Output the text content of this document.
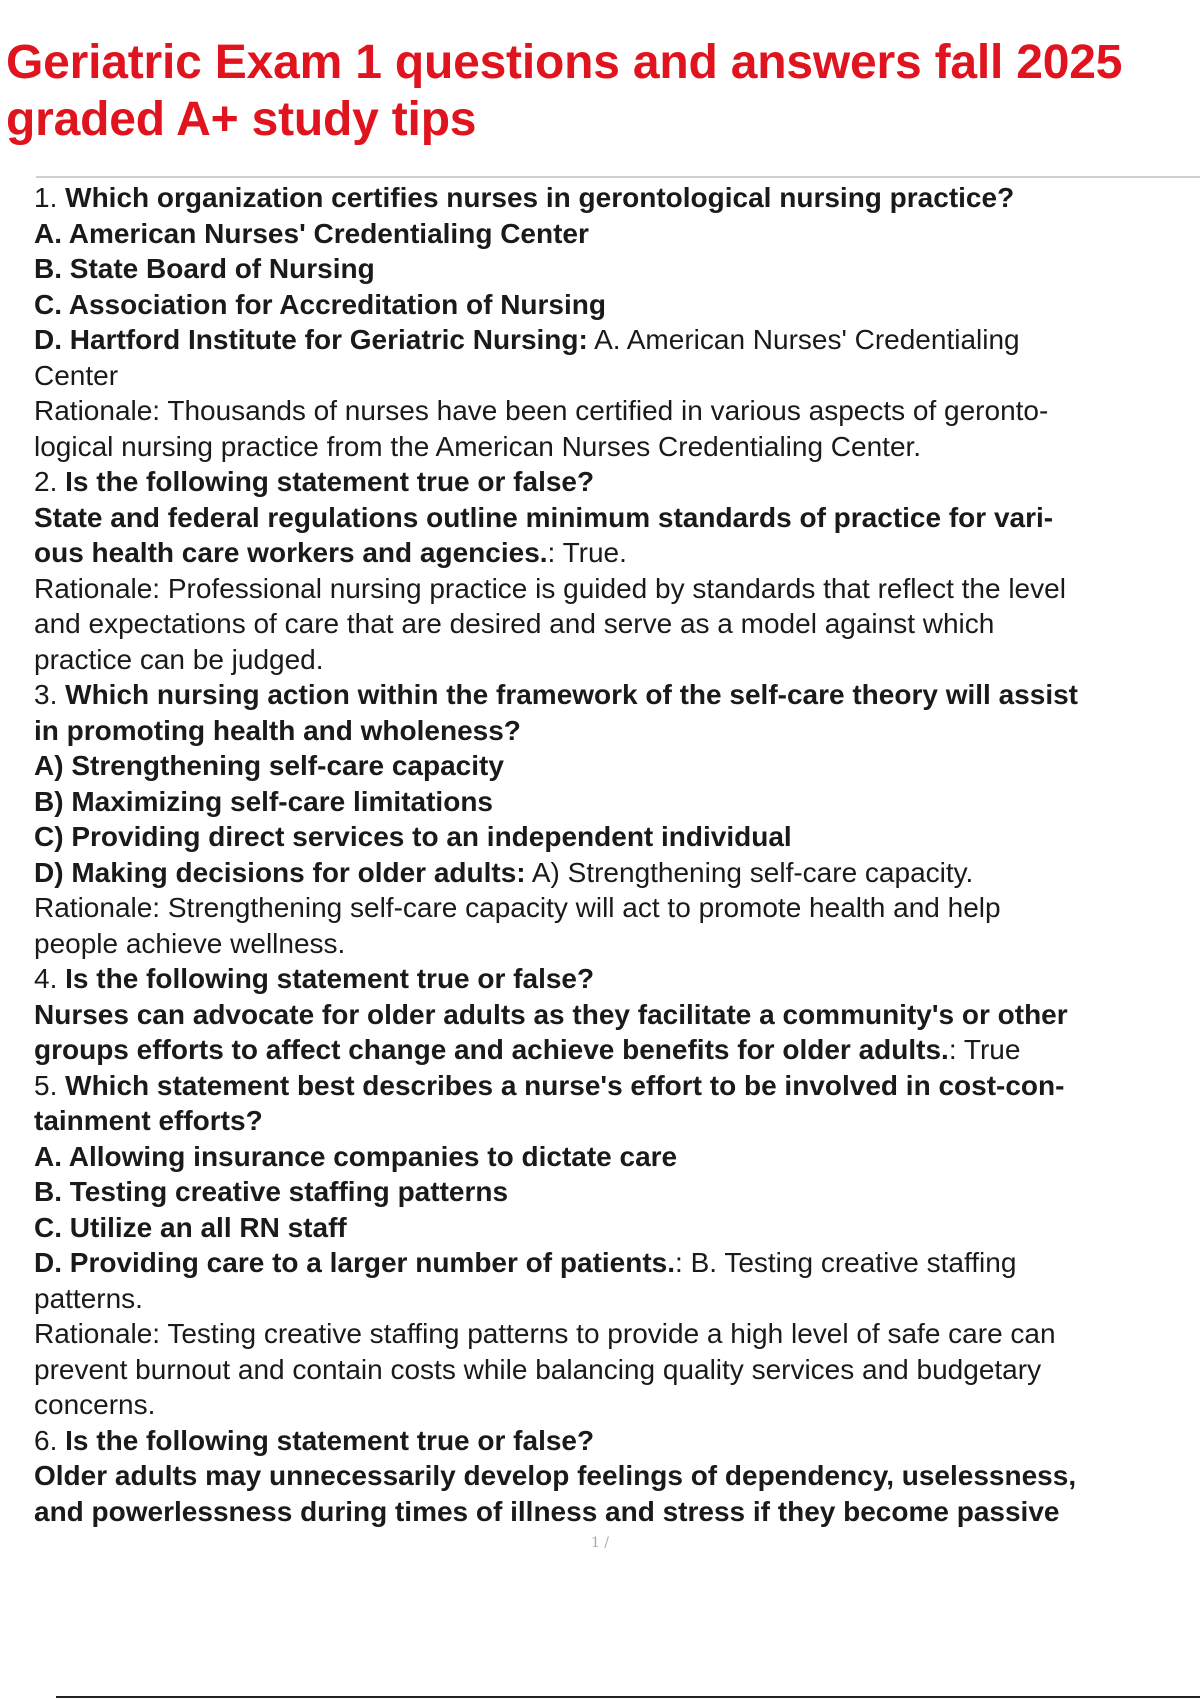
Geriatric Exam 1 questions and answers fall 2025
graded A+ study tips
1. Which organization certifies nurses in gerontological nursing practice?
A. American Nurses' Credentialing Center
B. State Board of Nursing
C. Association for Accreditation of Nursing
D. Hartford Institute for Geriatric Nursing: A. American Nurses' Credentialing
Center
Rationale: Thousands of nurses have been certified in various aspects of geronto-
logical nursing practice from the American Nurses Credentialing Center.
2. Is the following statement true or false?
State and federal regulations outline minimum standards of practice for vari-
ous health care workers and agencies.: True.
Rationale: Professional nursing practice is guided by standards that reflect the level
and expectations of care that are desired and serve as a model against which
practice can be judged.
3. Which nursing action within the framework of the self-care theory will assist
in promoting health and wholeness?
A) Strengthening self-care capacity
B) Maximizing self-care limitations
C) Providing direct services to an independent individual
D) Making decisions for older adults: A) Strengthening self-care capacity.
Rationale: Strengthening self-care capacity will act to promote health and help
people achieve wellness.
4. Is the following statement true or false?
Nurses can advocate for older adults as they facilitate a community's or other
groups efforts to affect change and achieve benefits for older adults.: True
5. Which statement best describes a nurse's effort to be involved in cost-con-
tainment efforts?
A. Allowing insurance companies to dictate care
B. Testing creative staffing patterns
C. Utilize an all RN staff
D. Providing care to a larger number of patients.: B. Testing creative staffing
patterns.
Rationale: Testing creative staffing patterns to provide a high level of safe care can
prevent burnout and contain costs while balancing quality services and budgetary
concerns.
6. Is the following statement true or false?
Older adults may unnecessarily develop feelings of dependency, uselessness,
and powerlessness during times of illness and stress if they become passive
1 /
